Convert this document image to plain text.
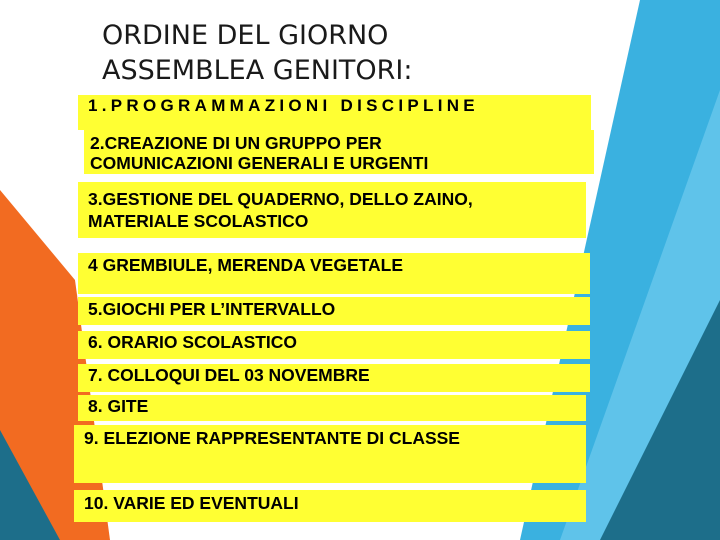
ORDINE DEL GIORNO
ASSEMBLEA GENITORI:
1.PROGRAMMAZIONI DISCIPLINE
2.CREAZIONE DI UN GRUPPO PER
COMUNICAZIONI GENERALI E URGENTI
3.GESTIONE DEL QUADERNO, DELLO ZAINO,
MATERIALE SCOLASTICO
4 GREMBIULE, MERENDA VEGETALE
5.GIOCHI PER L’INTERVALLO
6. ORARIO SCOLASTICO
7. COLLOQUI DEL 03 NOVEMBRE
8. GITE
9. ELEZIONE RAPPRESENTANTE DI CLASSE
10. VARIE ED EVENTUALI
